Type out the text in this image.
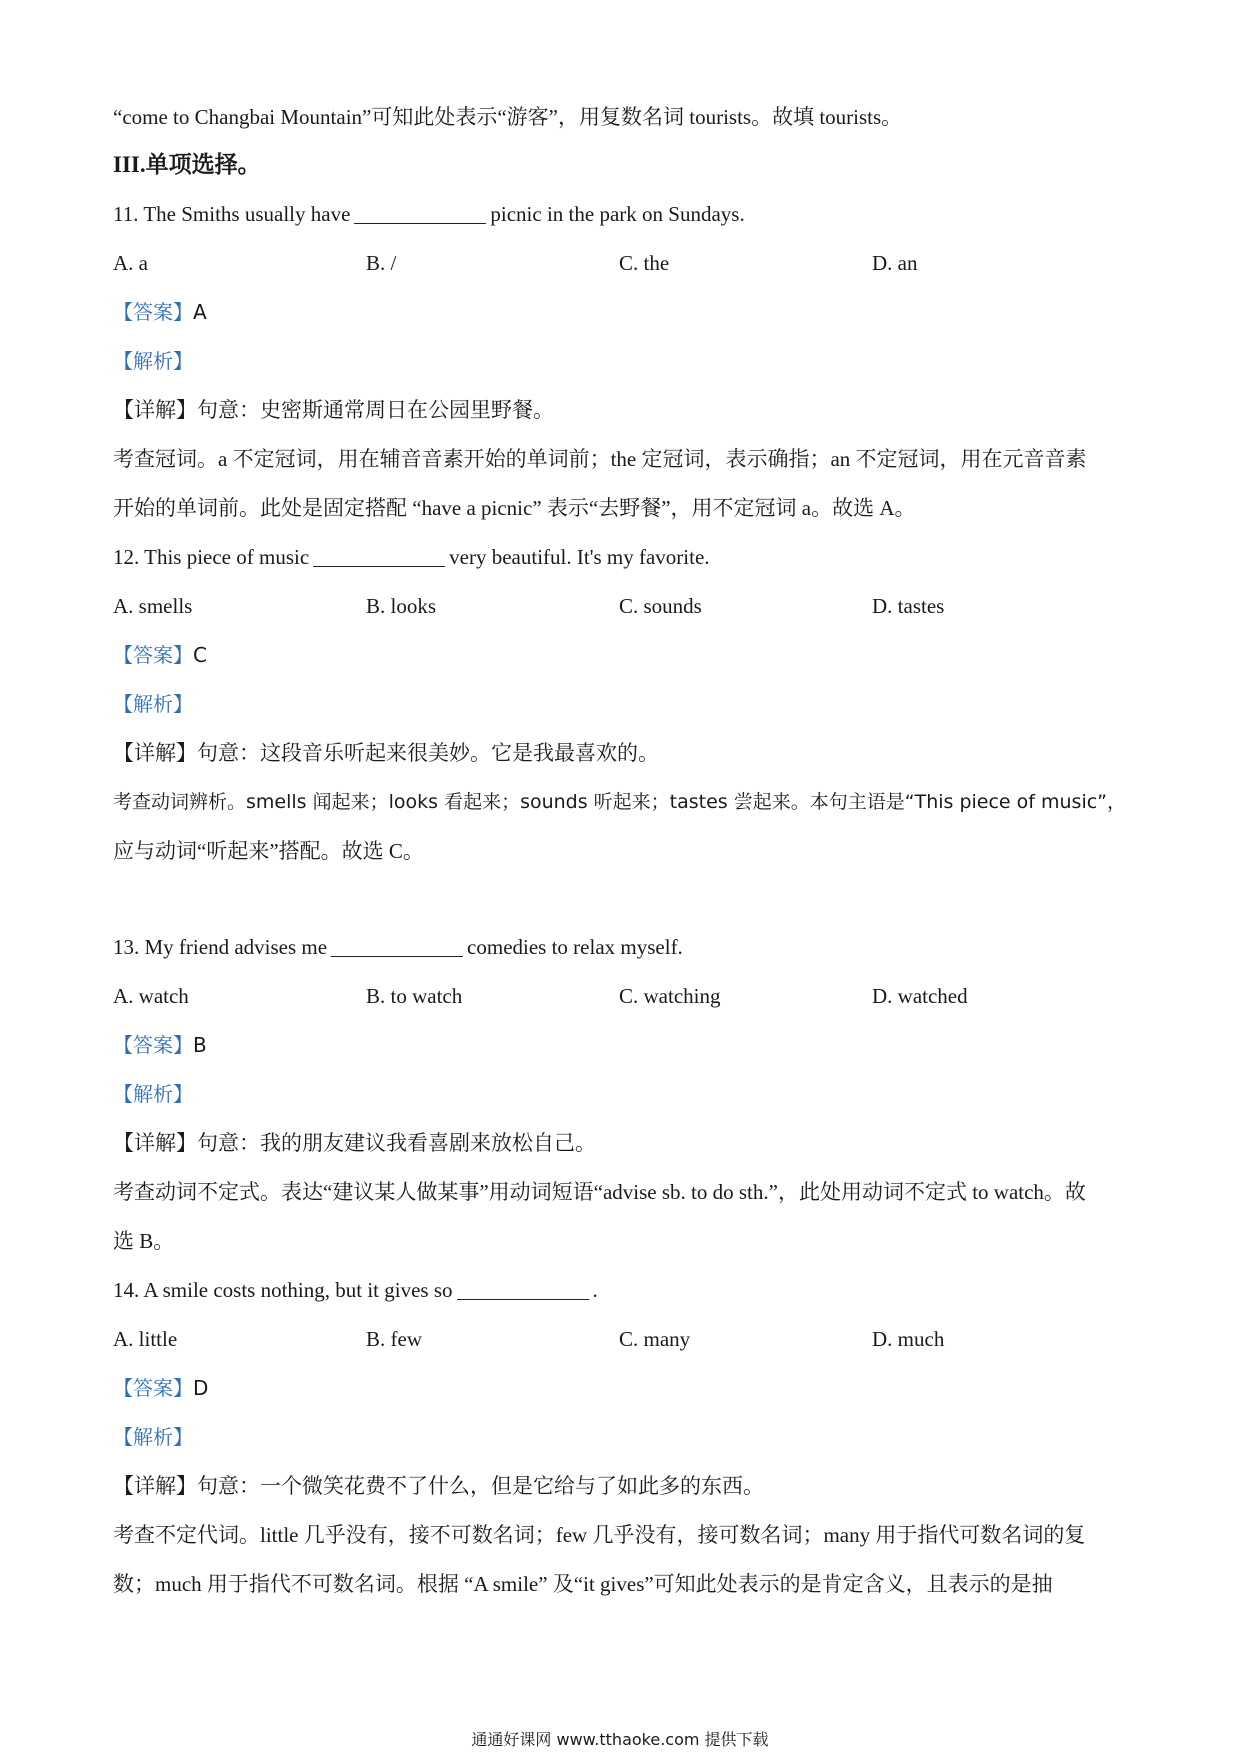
“come to Changbai Mountain”可知此处表示“游客”，用复数名词 tourists。故填 tourists。
III.单项选择。
11. The Smiths usually have	picnic in the park on Sundays.
A. a	B. /	C. the	D. an
【答案】A
【解析】
【详解】句意：史密斯通常周日在公园里野餐。
考查冠词。a 不定冠词，用在辅音音素开始的单词前；the 定冠词，表示确指；an 不定冠词，用在元音音素
开始的单词前。此处是固定搭配 “have a picnic” 表示“去野餐”，用不定冠词 a。故选 A。
12. This piece of music	very beautiful. It's my favorite.
A. smells	B. looks	C. sounds	D. tastes
【答案】C
【解析】
【详解】句意：这段音乐听起来很美妙。它是我最喜欢的。
考查动词辨析。smells 闻起来；looks 看起来；sounds 听起来；tastes 尝起来。本句主语是“This piece of music”，
应与动词“听起来”搭配。故选 C。
13. My friend advises me	comedies to relax myself.
A. watch	B. to watch	C. watching	D. watched
【答案】B
【解析】
【详解】句意：我的朋友建议我看喜剧来放松自己。
考查动词不定式。表达“建议某人做某事”用动词短语“advise sb. to do sth.”，此处用动词不定式 to watch。故
选 B。
14. A smile costs nothing, but it gives so	.
A. little	B. few	C. many	D. much
【答案】D
【解析】
【详解】句意：一个微笑花费不了什么，但是它给与了如此多的东西。
考查不定代词。little 几乎没有，接不可数名词；few 几乎没有，接可数名词；many 用于指代可数名词的复
数；much 用于指代不可数名词。根据 “A smile” 及“it gives”可知此处表示的是肯定含义，且表示的是抽
通通好课网 www.tthaoke.com 提供下载
